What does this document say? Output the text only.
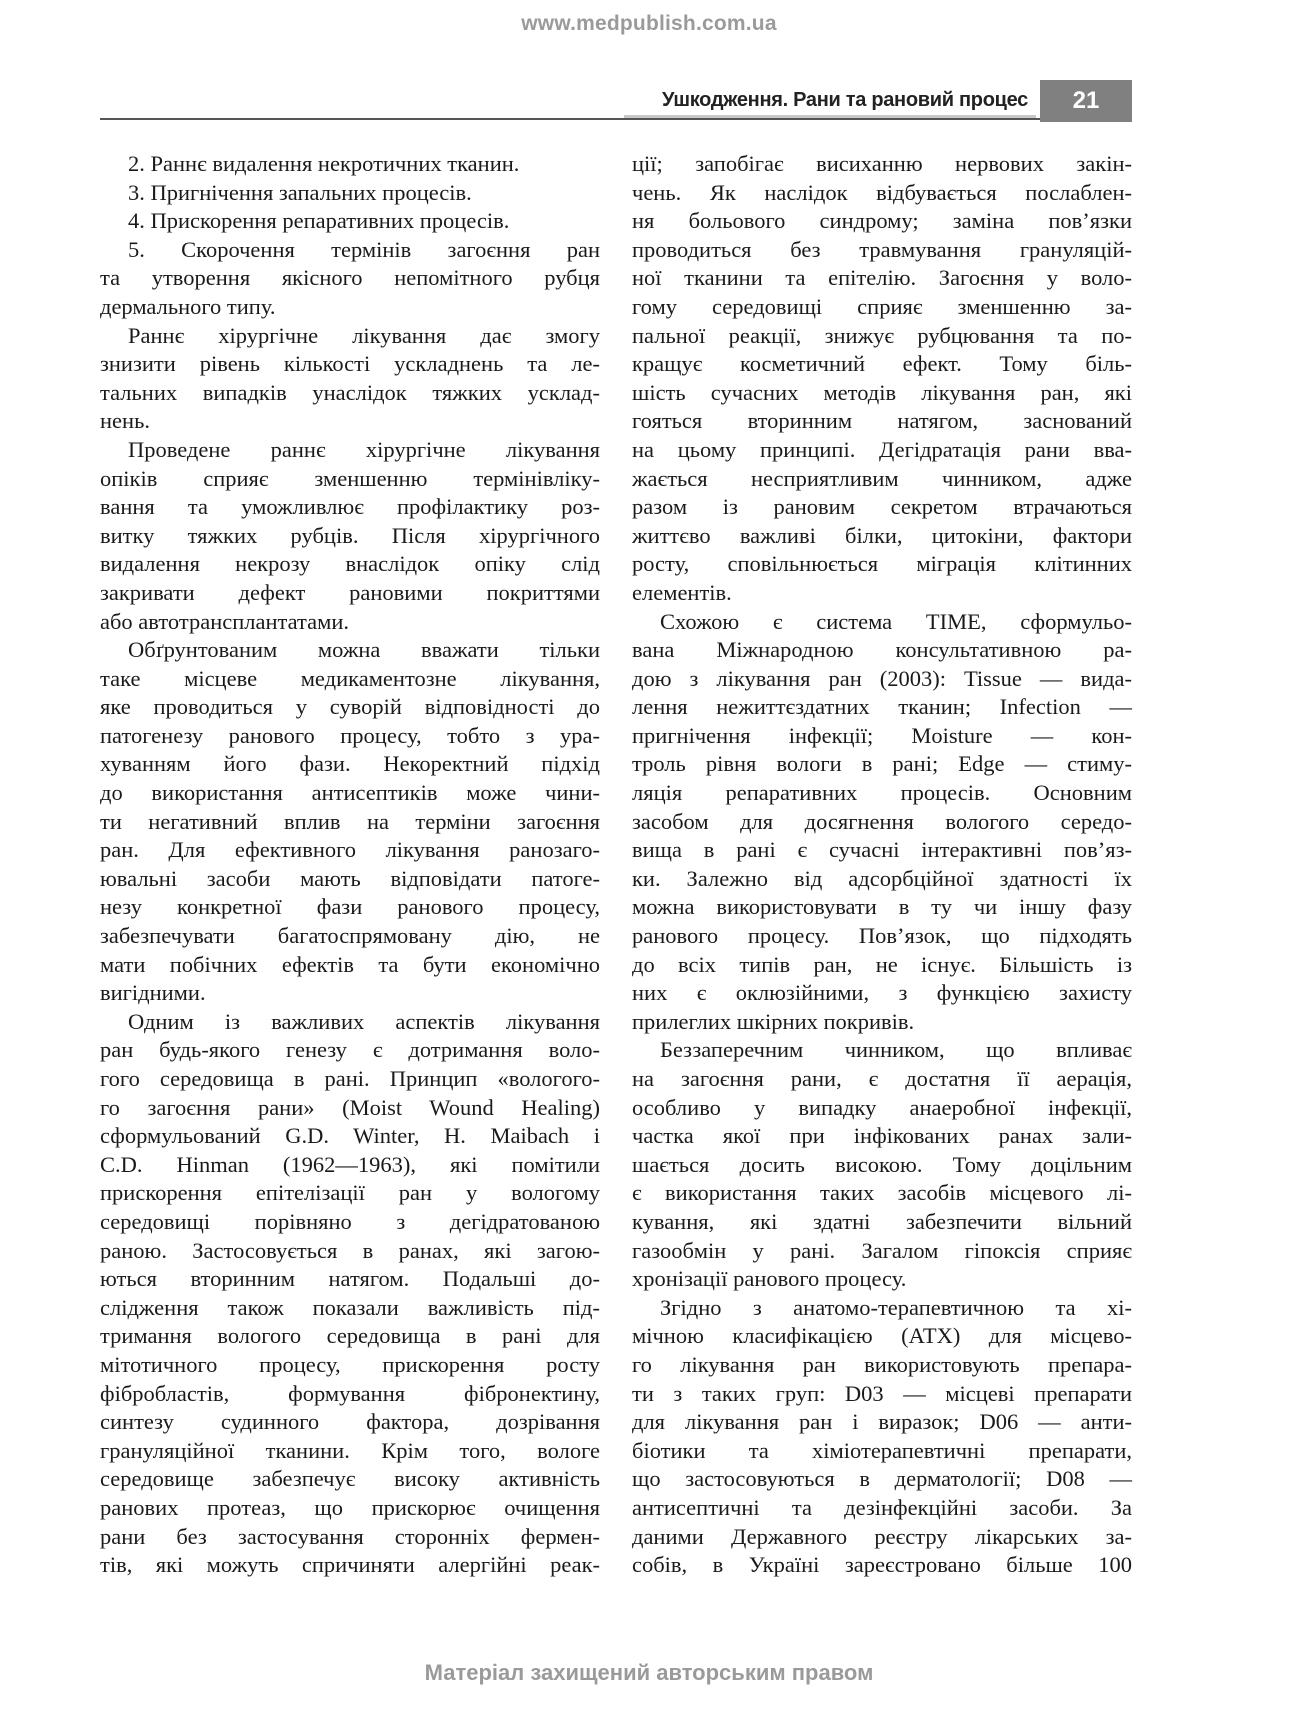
www.medpublish.com.ua
Ушкодження. Рани та рановий процес	21
2. Раннє видалення некротичних тканин.
3. Пригнічення запальних процесів.
4. Прискорення репаративних процесів.
5. Скорочення термінів загоєння ран
та утворення якісного непомітного рубця
дермального типу.
Раннє хірургічне лікування дає змогу
знизити рівень кількості ускладнень та ле-
тальних випадків унаслідок тяжких усклад-
нень.
Проведене раннє хірургічне лікування
опіків сприяє зменшенню термінівліку-
вання та уможливлює профілактику роз-
витку тяжких рубців. Після хірургічного
видалення некрозу внаслідок опіку слід
закривати дефект рановими покриттями
або автотрансплантатами.
Обґрунтованим можна вважати тільки
таке місцеве медикаментозне лікування,
яке проводиться у суворій відповідності до
патогенезу ранового процесу, тобто з ура-
хуванням його фази. Некоректний підхід
до використання антисептиків може чини-
ти негативний вплив на терміни загоєння
ран. Для ефективного лікування ранозаго-
ювальні засоби мають відповідати патоге-
незу конкретної фази ранового процесу,
забезпечувати багатоспрямовану дію, не
мати побічних ефектів та бути економічно
вигідними.
Одним із важливих аспектів лікування
ран будь-якого генезу є дотримання воло-
гого середовища в рані. Принцип «вологого-
го загоєння рани» (Moist Wound Healing)
сформульований G.D. Winter, H. Maibach і
C.D. Hinman (1962—1963), які помітили
прискорення епітелізації ран у вологому
середовищі порівняно з дегідратованою
раною. Застосовується в ранах, які загою-
ються вторинним натягом. Подальші до-
слідження також показали важливість під-
тримання вологого середовища в рані для
мітотичного процесу, прискорення росту
фібробластів, формування фібронектину,
синтезу судинного фактора, дозрівання
грануляційної тканини. Крім того, вологе
середовище забезпечує високу активність
ранових протеаз, що прискорює очищення
рани без застосування сторонніх фермен-
тів, які можуть спричиняти алергійні реак-
ції; запобігає висиханню нервових закін-
чень. Як наслідок відбувається послаблен-
ня больового синдрому; заміна пов’язки
проводиться без травмування грануляцій-
ної тканини та епітелію. Загоєння у воло-
гому середовищі сприяє зменшенню за-
пальної реакції, знижує рубцювання та по-
кращує косметичний ефект. Тому біль-
шість сучасних методів лікування ран, які
гояться вторинним натягом, заснований
на цьому принципі. Дегідратація рани вва-
жається несприятливим чинником, адже
разом із рановим секретом втрачаються
життєво важливі білки, цитокіни, фактори
росту, сповільнюється міграція клітинних
елементів.
Схожою є система TIME, сформульо-
вана Міжнародною консультативною ра-
дою з лікування ран (2003): Tissue — вида-
лення нежиттєздатних тканин; Infection —
пригнічення інфекції; Moisture — кон-
троль рівня вологи в рані; Edge — стиму-
ляція репаративних процесів. Основним
засобом для досягнення вологого середо-
вища в рані є сучасні інтерактивні пов’яз-
ки. Залежно від адсорбційної здатності їх
можна використовувати в ту чи іншу фазу
ранового процесу. Пов’язок, що підходять
до всіх типів ран, не існує. Більшість із
них є оклюзійними, з функцією захисту
прилеглих шкірних покривів.
Беззаперечним чинником, що впливає
на загоєння рани, є достатня її аерація,
особливо у випадку анаеробної інфекції,
частка якої при інфікованих ранах зали-
шається досить високою. Тому доцільним
є використання таких засобів місцевого лі-
кування, які здатні забезпечити вільний
газообмін у рані. Загалом гіпоксія сприяє
хронізації ранового процесу.
Згідно з анатомо-терапевтичною та хі-
мічною класифікацією (АТХ) для місцево-
го лікування ран використовують препара-
ти з таких груп: D03 — місцеві препарати
для лікування ран і виразок; D06 — анти-
біотики та хіміотерапевтичні препарати,
що застосовуються в дерматології; D08 —
антисептичні та дезінфекційні засоби. За
даними Державного реєстру лікарських за-
собів, в Україні зареєстровано більше 100
Матеріал захищений авторським правом
